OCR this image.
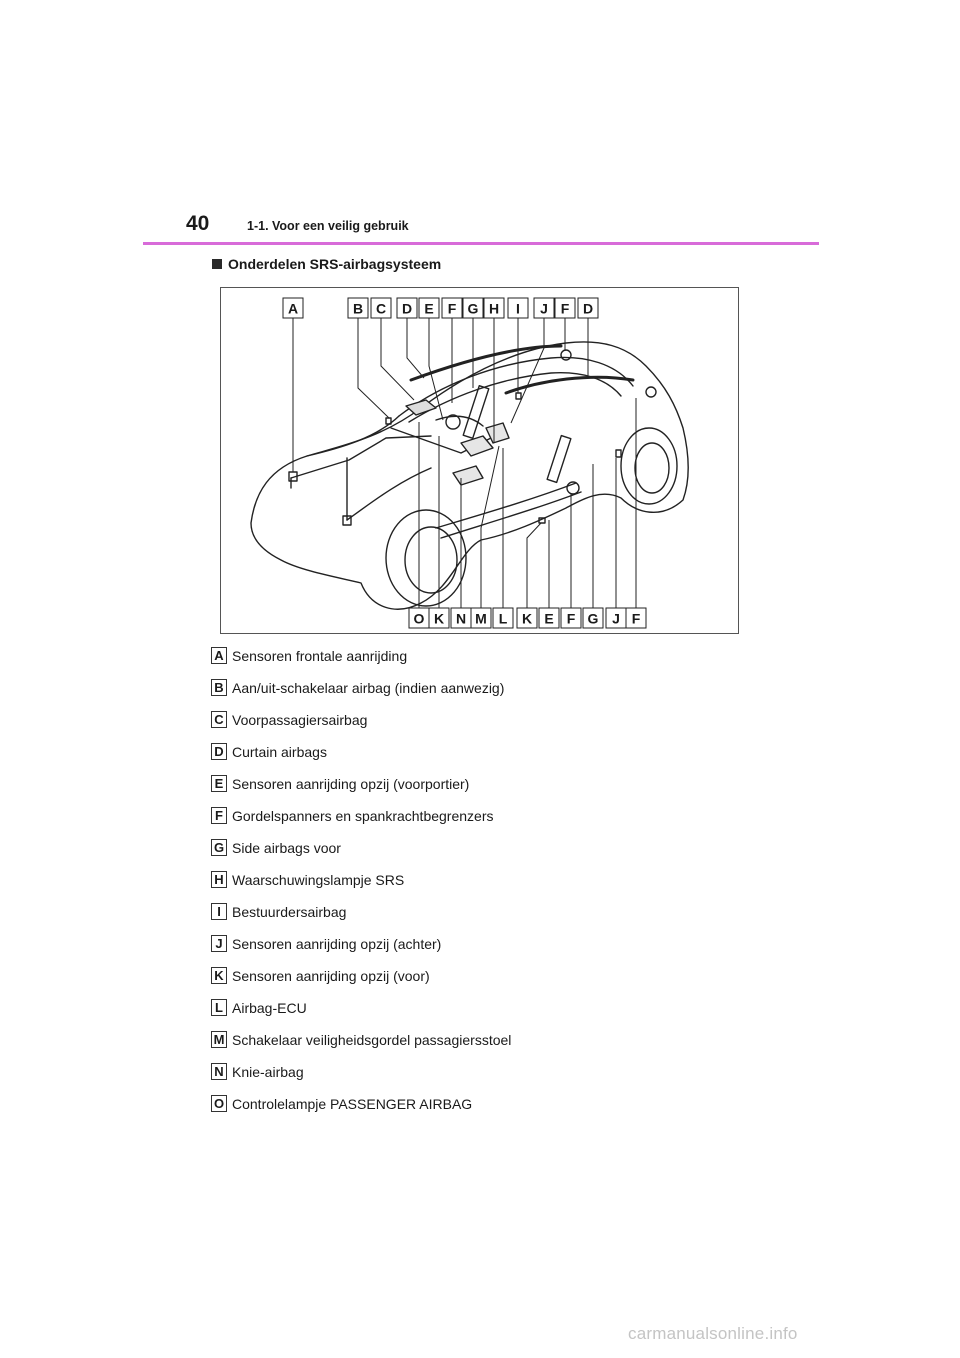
40	1-1. Voor een veilig gebruik
Onderdelen SRS-airbagsysteem
A	B C D E F G H I J F D
O K N M L K E F G J F
A Sensoren frontale aanrijding
B Aan/uit-schakelaar airbag (indien aanwezig)
C Voorpassagiersairbag
D Curtain airbags
E Sensoren aanrijding opzij (voorportier)
F Gordelspanners en spankrachtbegrenzers
G Side airbags voor
H Waarschuwingslampje SRS
I Bestuurdersairbag
J Sensoren aanrijding opzij (achter)
K Sensoren aanrijding opzij (voor)
L Airbag-ECU
M Schakelaar veiligheidsgordel passagiersstoel
N Knie-airbag
O Controlelampje PASSENGER AIRBAG
carmanualsonline.info
